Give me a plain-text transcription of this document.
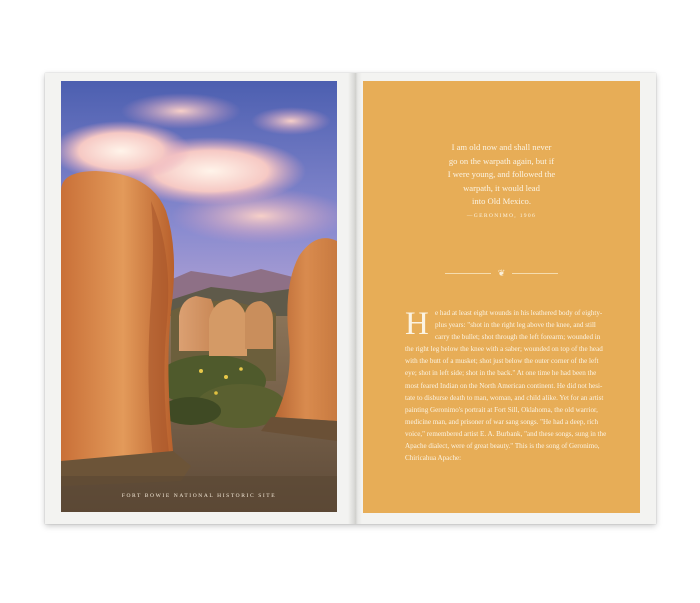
FORT BOWIE NATIONAL HISTORIC SITE
I am old now and shall never
go on the warpath again, but if
I were young, and followed the
warpath, it would lead
into Old Mexico.
—GERONIMO, 1906
❦
H e had at least eight wounds in his leathered body of eighty-
plus years: "shot in the right leg above the knee, and still
carry the bullet; shot through the left forearm; wounded in
the right leg below the knee with a saber; wounded on top of the head
with the butt of a musket; shot just below the outer corner of the left
eye; shot in left side; shot in the back." At one time he had been the
most feared Indian on the North American continent. He did not hesi-
tate to disburse death to man, woman, and child alike. Yet for an artist
painting Geronimo's portrait at Fort Sill, Oklahoma, the old warrior,
medicine man, and prisoner of war sang songs. "He had a deep, rich
voice," remembered artist E. A. Burbank, "and these songs, sung in the
Apache dialect, were of great beauty." This is the song of Geronimo,
Chiricahua Apache:
